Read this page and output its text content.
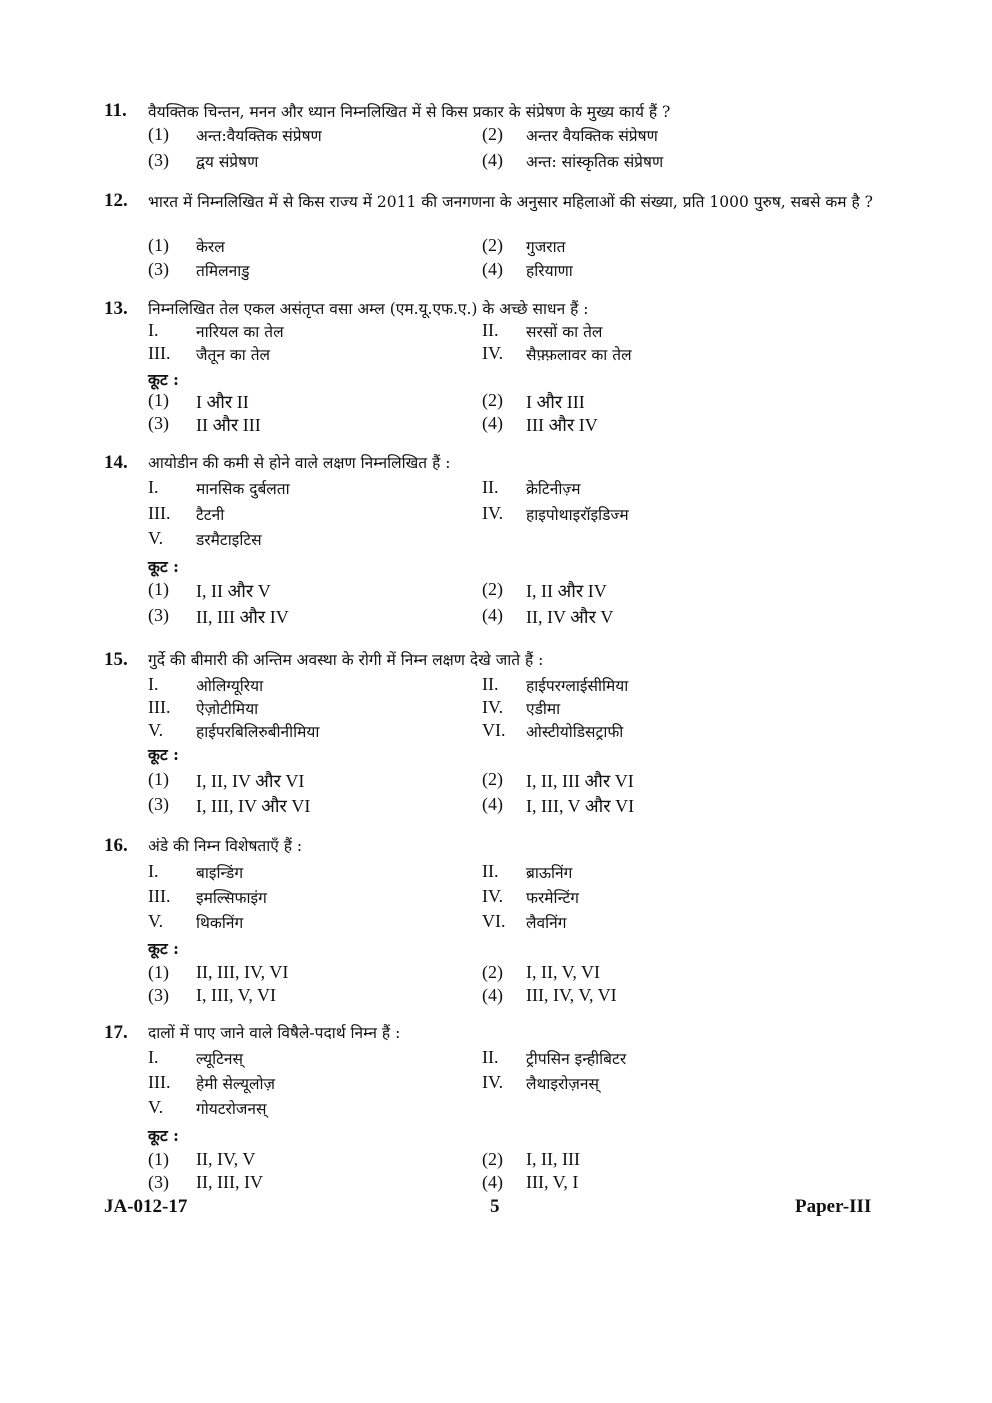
11. वैयक्तिक चिन्तन, मनन और ध्यान निम्नलिखित में से किस प्रकार के संप्रेषण के मुख्य कार्य हैं ?
(1) अन्त:वैयक्तिक संप्रेषण	(2) अन्तर वैयक्तिक संप्रेषण
(3) द्वय संप्रेषण	(4) अन्त: सांस्कृतिक संप्रेषण
12. भारत में निम्नलिखित में से किस राज्य में 2011 की जनगणना के अनुसार महिलाओं की संख्या, प्रति 1000 पुरुष, सबसे कम है ?
(1) केरल	(2) गुजरात
(3) तमिलनाडु	(4) हरियाणा
13. निम्नलिखित तेल एकल असंतृप्त वसा अम्ल (एम.यू.एफ.ए.) के अच्छे साधन हैं :
I. नारियल का तेल	II. सरसों का तेल
III. जैतून का तेल	IV. सैफ़्फ़लावर का तेल
कूट :
(1) I और II	(2) I और III
(3) II और III	(4) III और IV
14. आयोडीन की कमी से होने वाले लक्षण निम्नलिखित हैं :
I. मानसिक दुर्बलता	II. क्रेटिनीज़्म
III. टैटनी	IV. हाइपोथाइरॉइडिज्म
V. डरमैटाइटिस
कूट :
(1) I, II और V	(2) I, II और IV
(3) II, III और IV	(4) II, IV और V
15. गुर्दे की बीमारी की अन्तिम अवस्था के रोगी में निम्न लक्षण देखे जाते हैं :
I. ओलिग्यूरिया	II. हाईपरग्लाईसीमिया
III. ऐज़ोटीमिया	IV. एडीमा
V. हाईपरबिलिरुबीनीमिया	VI. ओस्टीयोडिसट्राफी
कूट :
(1) I, II, IV और VI	(2) I, II, III और VI
(3) I, III, IV और VI	(4) I, III, V और VI
16. अंडे की निम्न विशेषताएँ हैं :
I. बाइन्डिंग	II. ब्राऊनिंग
III. इमल्सिफाइंग	IV. फरमेन्टिंग
V. थिकनिंग	VI. लैवनिंग
कूट :
(1) II, III, IV, VI	(2) I, II, V, VI
(3) I, III, V, VI	(4) III, IV, V, VI
17. दालों में पाए जाने वाले विषैले-पदार्थ निम्न हैं :
I. ल्यूटिनस्	II. ट्रीपसिन इन्हीबिटर
III. हेमी सेल्यूलोज़	IV. लैथाइरोज़नस्
V. गोयटरोजनस्
कूट :
(1) II, IV, V	(2) I, II, III
(3) II, III, IV	(4) III, V, I
JA-012-17	5	Paper-III
